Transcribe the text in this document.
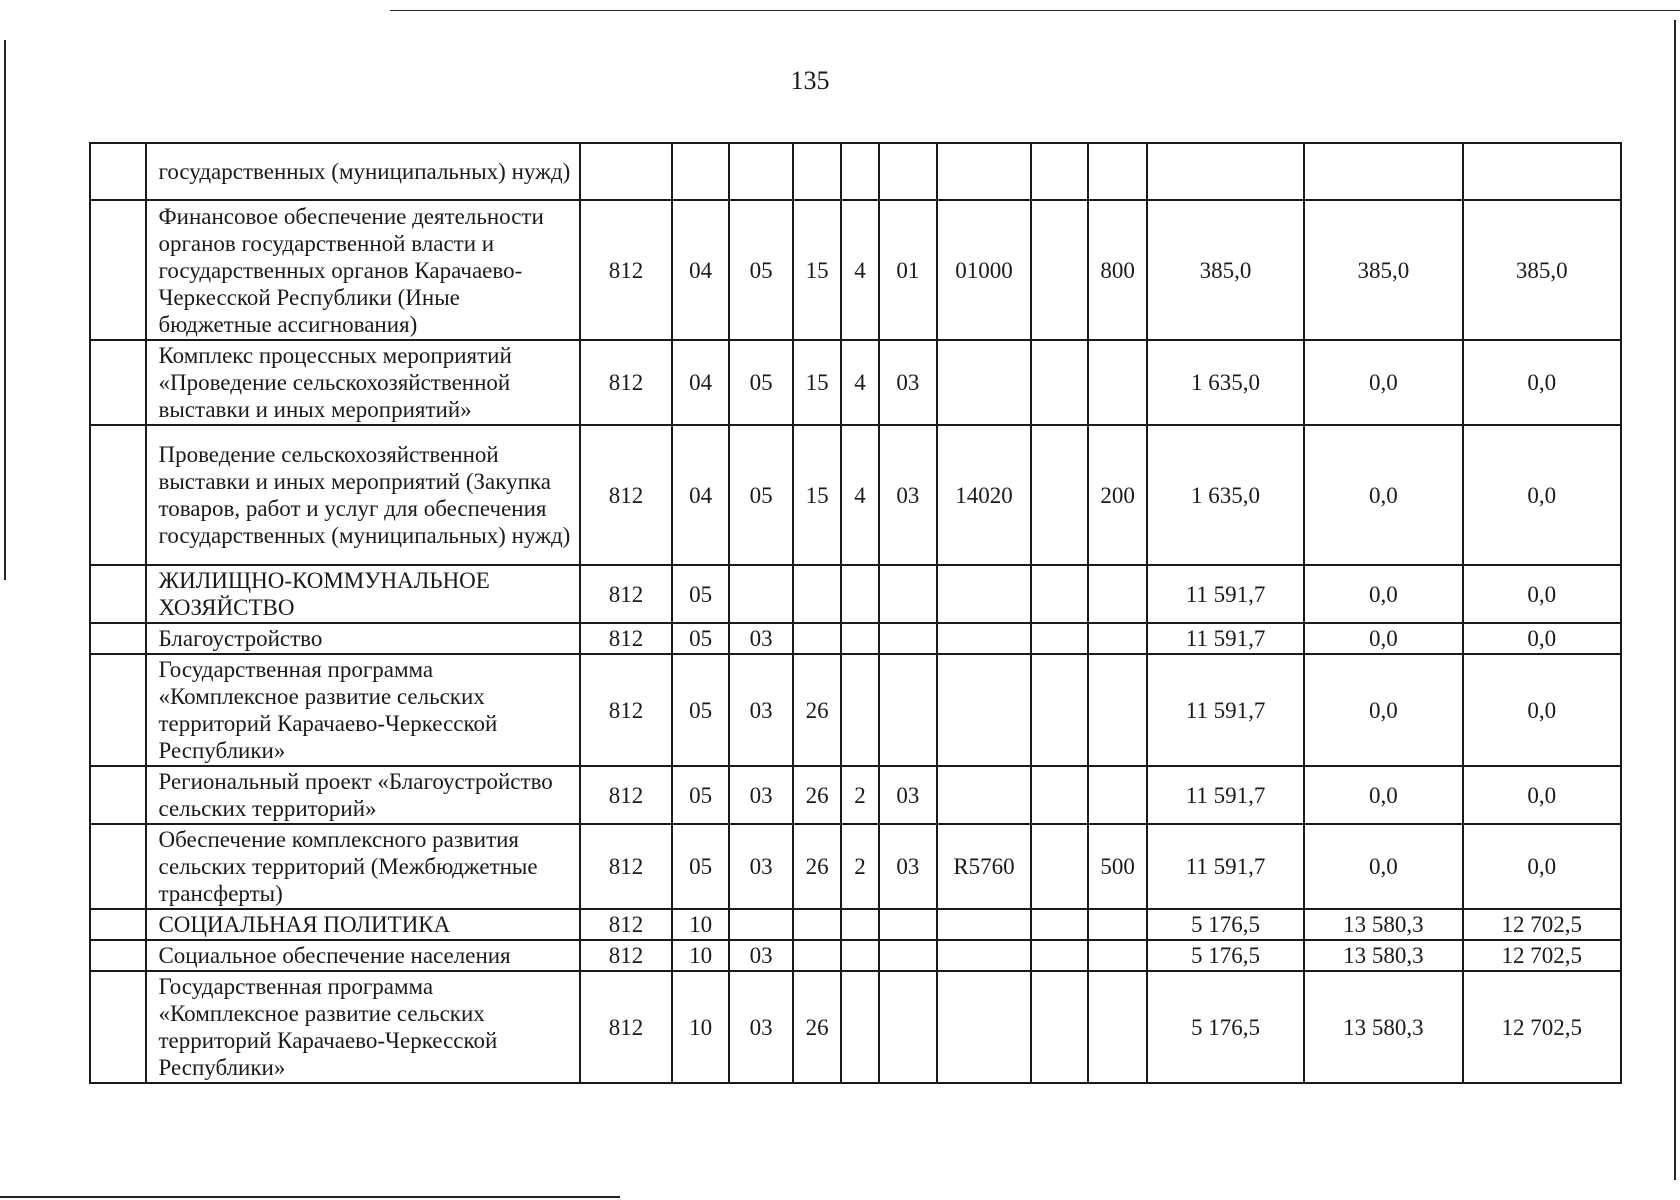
135
	государственных (муниципальных) нужд)												
	Финансовое обеспечение деятельности органов государственной власти и государственных органов Карачаево-Черкесской Республики (Иные бюджетные ассигнования)	812	04	05	15	4	01	01000		800	385,0	385,0	385,0
	Комплекс процессных мероприятий «Проведение сельскохозяйственной выставки и иных мероприятий»	812	04	05	15	4	03				1 635,0	0,0	0,0
	Проведение сельскохозяйственной выставки и иных мероприятий (Закупка товаров, работ и услуг для обеспечения государственных (муниципальных) нужд)	812	04	05	15	4	03	14020		200	1 635,0	0,0	0,0
	ЖИЛИЩНО-КОММУНАЛЬНОЕ ХОЗЯЙСТВО	812	05								11 591,7	0,0	0,0
	Благоустройство	812	05	03							11 591,7	0,0	0,0
	Государственная программа «Комплексное развитие сельских территорий Карачаево-Черкесской Республики»	812	05	03	26						11 591,7	0,0	0,0
	Региональный проект «Благоустройство сельских территорий»	812	05	03	26	2	03				11 591,7	0,0	0,0
	Обеспечение комплексного развития сельских территорий (Межбюджетные трансферты)	812	05	03	26	2	03	R5760		500	11 591,7	0,0	0,0
	СОЦИАЛЬНАЯ ПОЛИТИКА	812	10								5 176,5	13 580,3	12 702,5
	Социальное обеспечение населения	812	10	03							5 176,5	13 580,3	12 702,5
	Государственная программа «Комплексное развитие сельских территорий Карачаево-Черкесской Республики»	812	10	03	26						5 176,5	13 580,3	12 702,5
